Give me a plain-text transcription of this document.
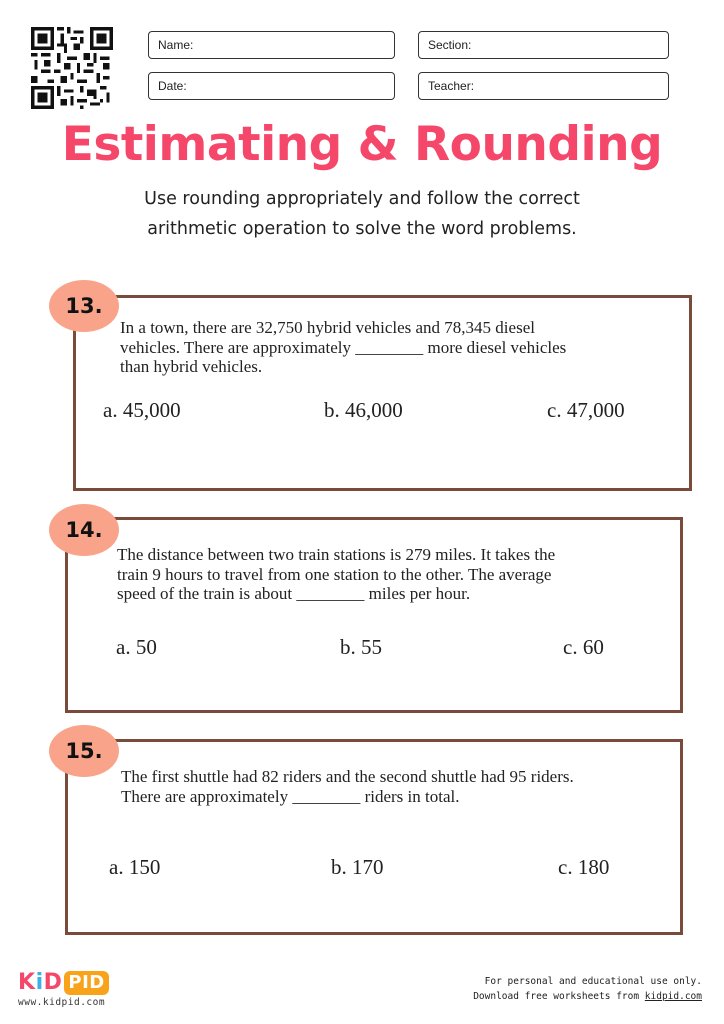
Name:	Section:
Date:	Teacher:
Estimating & Rounding
Use rounding appropriately and follow the correct
arithmetic operation to solve the word problems.
13.
In a town, there are 32,750 hybrid vehicles and 78,345 diesel
vehicles. There are approximately ________ more diesel vehicles
than hybrid vehicles.
a. 45,000	b. 46,000	c. 47,000
14.
The distance between two train stations is 279 miles. It takes the
train 9 hours to travel from one station to the other. The average
speed of the train is about ________ miles per hour.
a. 50	b. 55	c. 60
15.
The first shuttle had 82 riders and the second shuttle had 95 riders.
There are approximately ________ riders in total.
a. 150	b. 170	c. 180
K i D P I D
www.kidpid.com
For personal and educational use only.
Download free worksheets from kidpid.com
